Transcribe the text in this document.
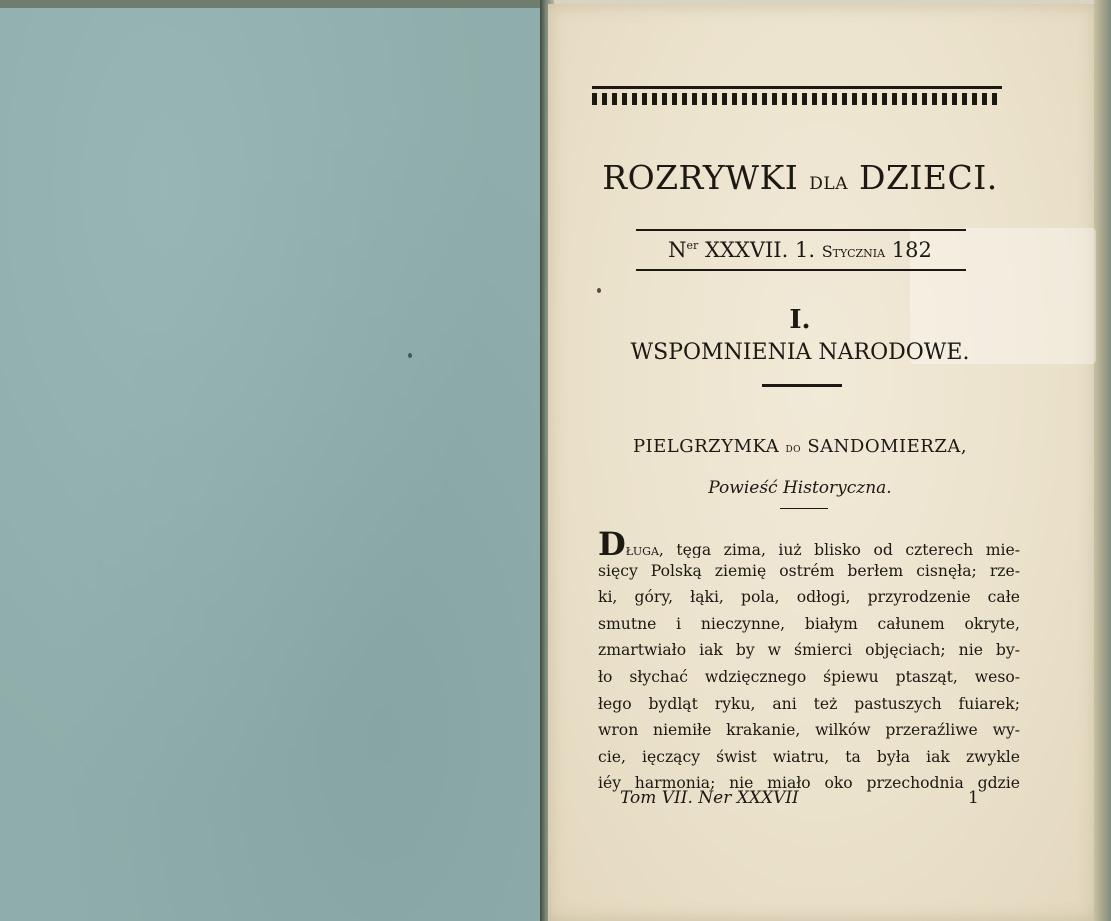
ROZRYWKI dla DZIECI.
$N^{er}$ XXXVII. 1. Stycznia 182
I.
WSPOMNIENIA NARODOWE.
PIELGRZYMKA do SANDOMIERZA,
Powieść Historyczna.
Długa, tęga zima, iuż blisko od czterech mie-
sięcy Polską ziemię ostrém berłem cisnęła; rze-
ki, góry, łąki, pola, odłogi, przyrodzenie całe
smutne i nieczynne, białym całunem okryte,
zmartwiało iak by w śmierci objęciach; nie by-
ło słychać wdzięcznego śpiewu ptasząt, weso-
łego bydląt ryku, ani też pastuszych fuiarek;
wron niemiłe krakanie, wilków przeraźliwe wy-
cie, ięczący świst wiatru, ta była iak zwykle
iéy harmonia; nie miało oko przechodnia gdzie
Tom VII. Ner XXXVII	1
